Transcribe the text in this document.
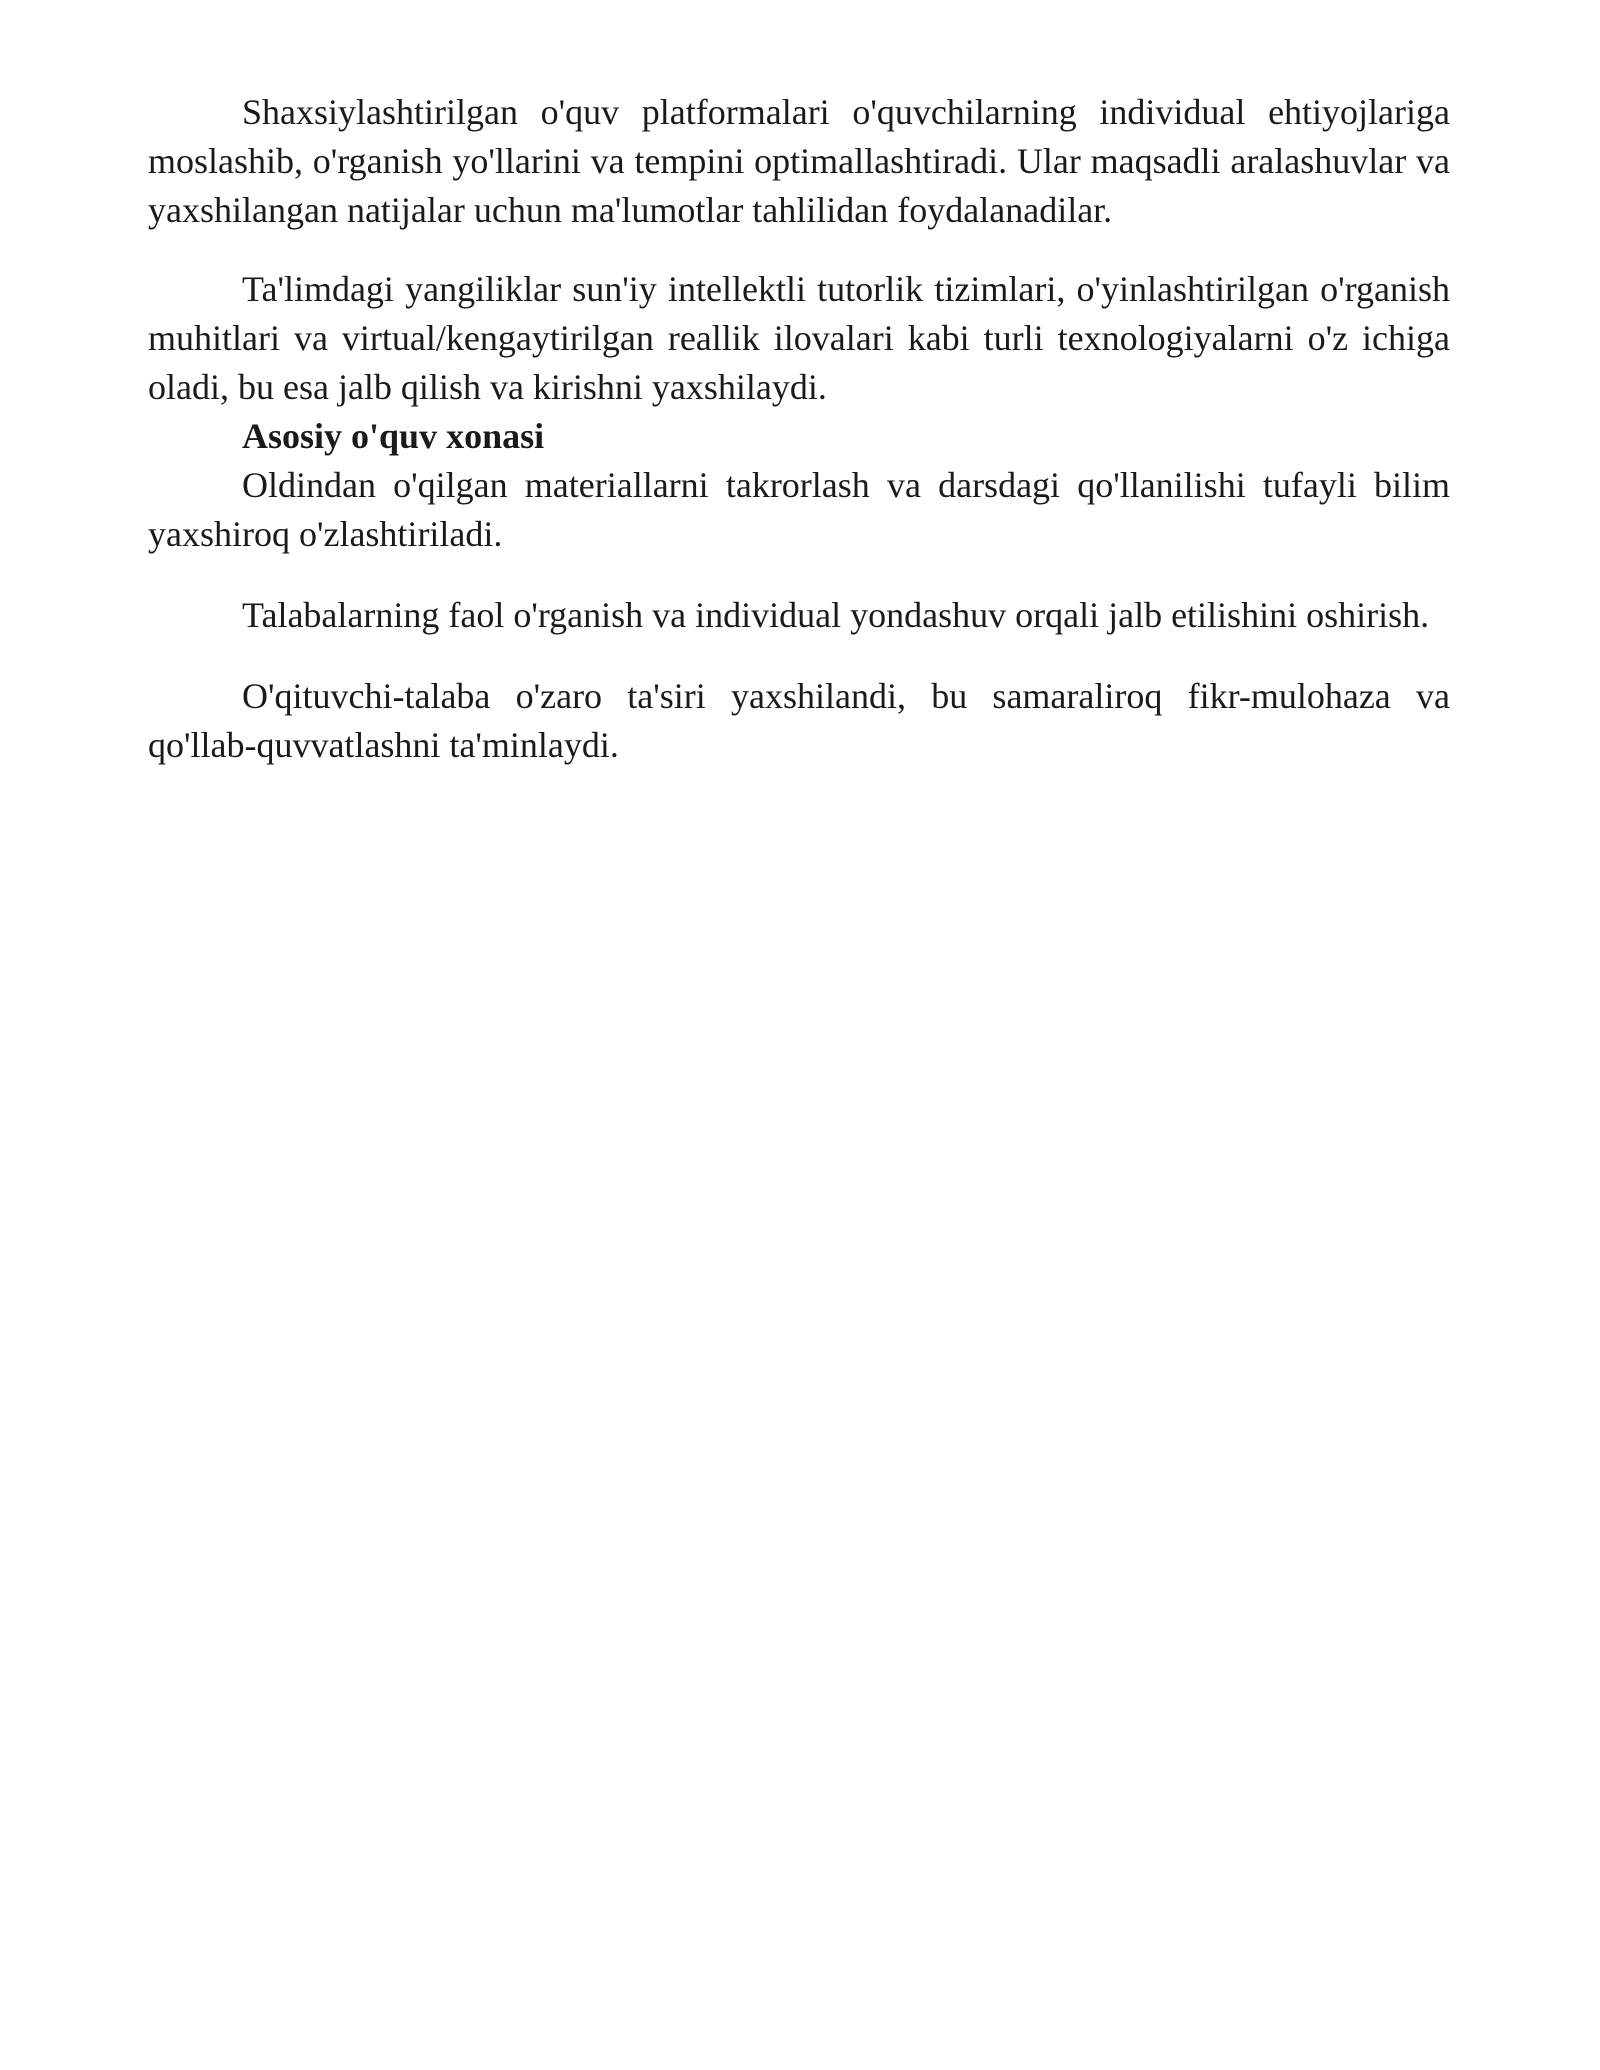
Shaxsiylashtirilgan o'quv platformalari o'quvchilarning individual ehtiyojlariga moslashib, o'rganish yo'llarini va tempini optimallashtiradi. Ular maqsadli aralashuvlar va yaxshilangan natijalar uchun ma'lumotlar tahlilidan foydalanadilar.

Ta'limdagi yangiliklar sun'iy intellektli tutorlik tizimlari, o'yinlashtirilgan o'rganish muhitlari va virtual/kengaytirilgan reallik ilovalari kabi turli texnologiyalarni o'z ichiga oladi, bu esa jalb qilish va kirishni yaxshilaydi.

Asosiy o'quv xonasi

Oldindan o'qilgan materiallarni takrorlash va darsdagi qo'llanilishi tufayli bilim yaxshiroq o'zlashtiriladi.

Talabalarning faol o'rganish va individual yondashuv orqali jalb etilishini oshirish.

O'qituvchi-talaba o'zaro ta'siri yaxshilandi, bu samaraliroq fikr-mulohaza va qo'llab-quvvatlashni ta'minlaydi.
